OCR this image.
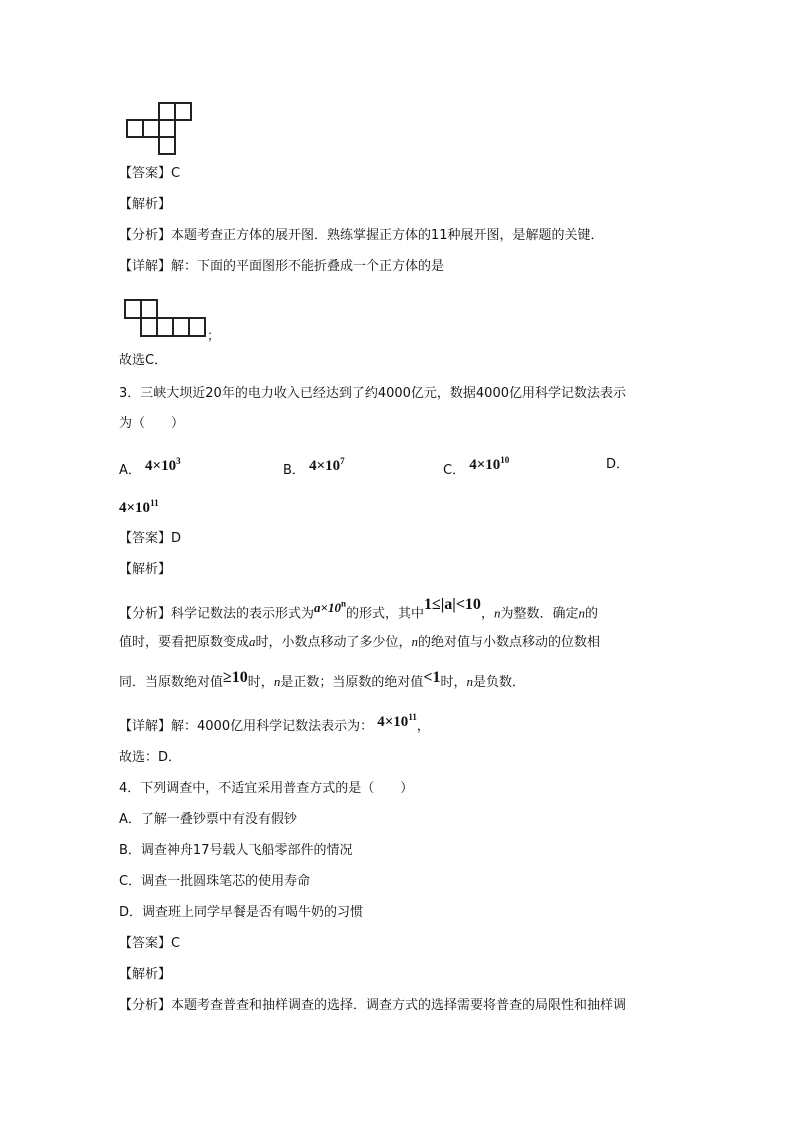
【答案】C
【解析】
【分析】本题考查正方体的展开图．熟练掌握正方体的11种展开图，是解题的关键．
【详解】解：下面的平面图形不能折叠成一个正方体的是
；
故选C．
3．三峡大坝近20年的电力收入已经达到了约4000亿元，数据4000亿用科学记数法表示
为（　　）
A． $4\times 10^3$
B． $4\times 10^7$
C． $4\times 10^{10}$	D．
$4\times 10^{11}$
【答案】D
【解析】
【分析】科学记数法的表示形式为$a\times 10^n$的形式，其中1≤|a|<10，n为整数．确定n的
值时，要看把原数变成a时，小数点移动了多少位，n的绝对值与小数点移动的位数相
同．当原数绝对值≥10时，n是正数；当原数的绝对值<1时，n是负数．
【详解】解：4000亿用科学记数法表示为： $4\times 10^{11}$，
故选：D．
4．下列调查中，不适宜采用普查方式的是（　　）
A．了解一叠钞票中有没有假钞
B．调查神舟17号载人飞船零部件的情况
C．调查一批圆珠笔芯的使用寿命
D．调查班上同学早餐是否有喝牛奶的习惯
【答案】C
【解析】
【分析】本题考查普查和抽样调查的选择．调查方式的选择需要将普查的局限性和抽样调
